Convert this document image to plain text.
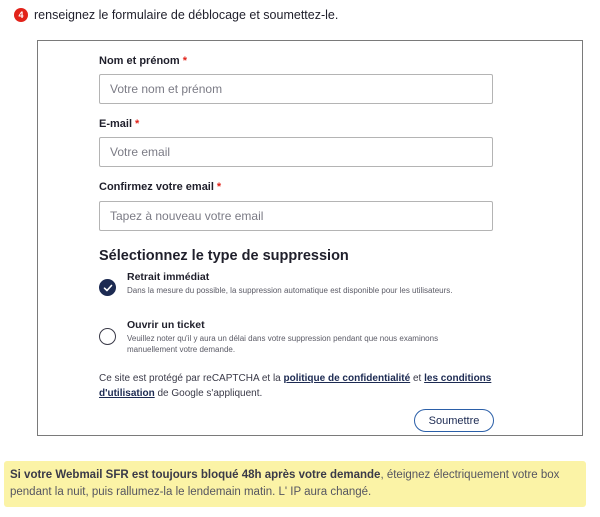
4 renseignez le formulaire de déblocage et soumettez-le.
Nom et prénom *
Votre nom et prénom
E-mail *
Votre email
Confirmez votre email *
Tapez à nouveau votre email
Sélectionnez le type de suppression
Retrait immédiat
Dans la mesure du possible, la suppression automatique est disponible pour les utilisateurs.
Ouvrir un ticket
Veuillez noter qu'il y aura un délai dans votre suppression pendant que nous examinons manuellement votre demande.
Ce site est protégé par reCAPTCHA et la politique de confidentialité et les conditions d'utilisation de Google s'appliquent.
Soumettre
Si votre Webmail SFR est toujours bloqué 48h après votre demande, éteignez électriquement votre box pendant la nuit, puis rallumez-la le lendemain matin. L' IP aura changé.
